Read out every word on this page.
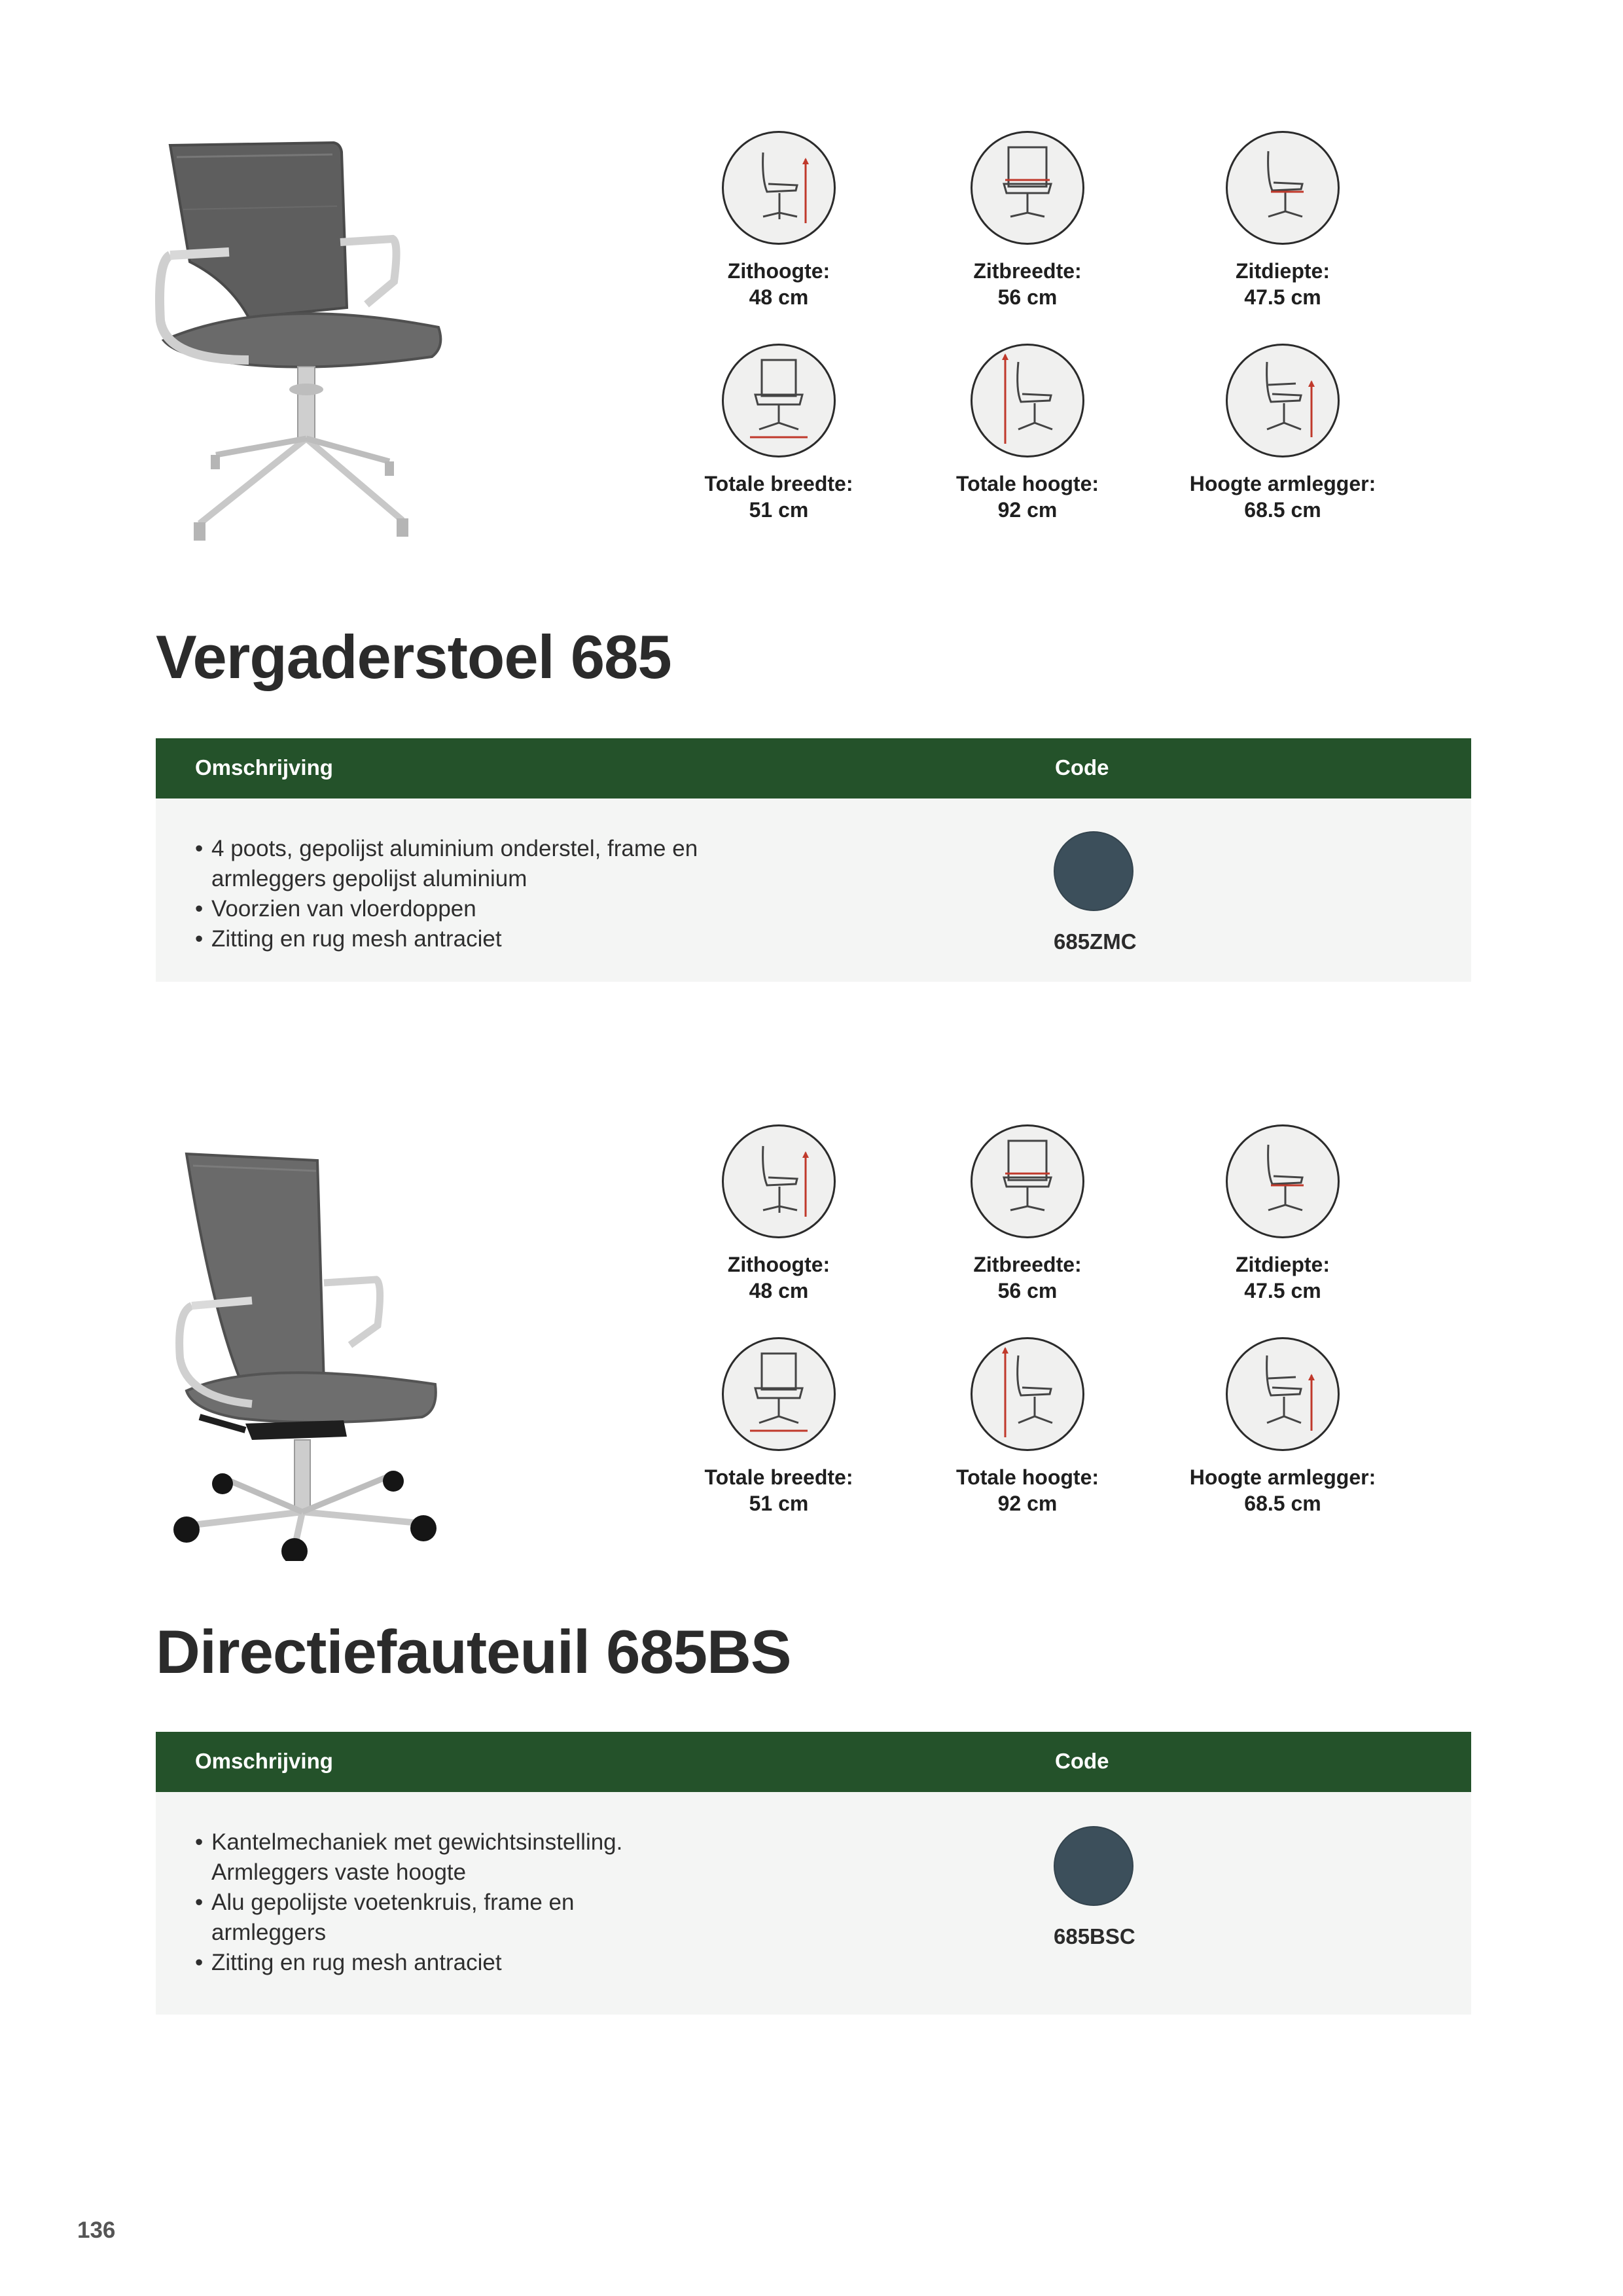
Zithoogte:
48 cm
Zitbreedte:
56 cm
Zitdiepte:
47.5 cm
Totale breedte:
51 cm
Totale hoogte:
92 cm
Hoogte armlegger:
68.5 cm
Vergaderstoel 685
Omschrijving	Code
• 4 poots, gepolijst aluminium onderstel, frame en armleggers gepolijst aluminium
• Voorzien van vloerdoppen
• Zitting en rug mesh antraciet	685ZMC
Zithoogte:
48 cm
Zitbreedte:
56 cm
Zitdiepte:
47.5 cm
Totale breedte:
51 cm
Totale hoogte:
92 cm
Hoogte armlegger:
68.5 cm
Directiefauteuil 685BS
Omschrijving	Code
• Kantelmechaniek met gewichtsinstelling. Armleggers vaste hoogte
• Alu gepolijste voetenkruis, frame en armleggers
• Zitting en rug mesh antraciet
685BSC
136
